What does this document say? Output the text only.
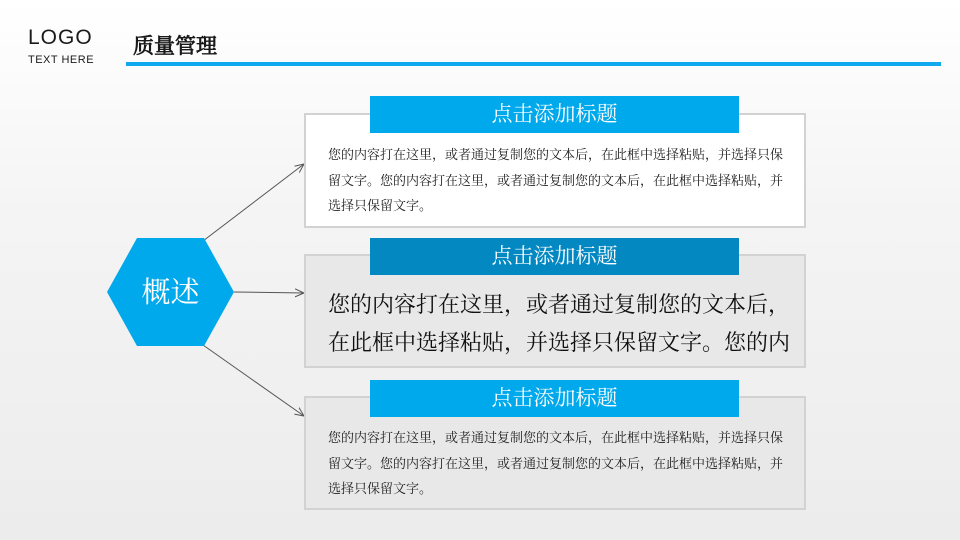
LOGO
TEXT HERE
质量管理
概述
您的内容打在这里，或者通过复制您的文本后，在此框中选择粘贴，并选择只保留文字。您的内容打在这里，或者通过复制您的文本后，在此框中选择粘贴，并选择只保留文字。
您的内容打在这里，或者通过复制您的文本后，在此框中选择粘贴，并选择只保留文字。您的内
您的内容打在这里，或者通过复制您的文本后，在此框中选择粘贴，并选择只保留文字。您的内容打在这里，或者通过复制您的文本后，在此框中选择粘贴，并选择只保留文字。
点击添加标题
点击添加标题
点击添加标题
